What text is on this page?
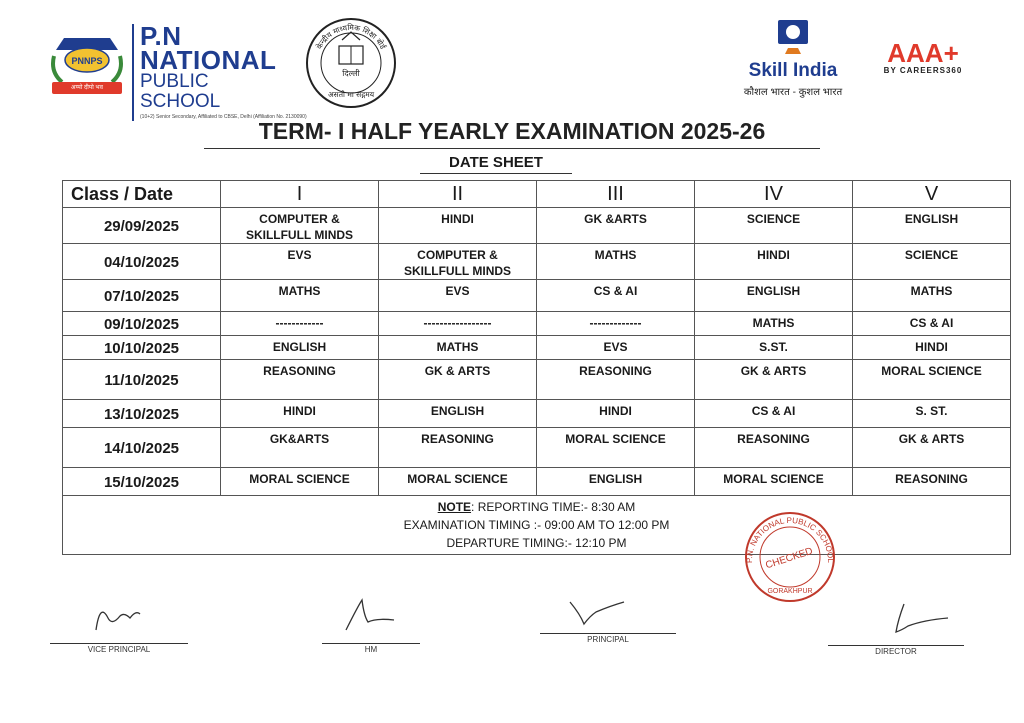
PNNPS
अप्पो दीपो भव
P.N
NATIONAL
PUBLIC SCHOOL
(10+2) Senior Secondary, Affiliated to CBSE, Delhi (Affiliation No. 2130090)
केन्द्रीय माध्यमिक शिक्षा बोर्ड
दिल्ली
असतो मा सद्गमय
Skill India
कौशल भारत - कुशल भारत
AAA+
BY CAREERS360
TERM- I HALF YEARLY EXAMINATION 2025-26
DATE SHEET
Class / Date	I	II	III	IV	V
29/09/2025	COMPUTER & SKILLFULL MINDS	HINDI	GK &ARTS	SCIENCE	ENGLISH
04/10/2025	EVS	COMPUTER & SKILLFULL MINDS	MATHS	HINDI	SCIENCE
07/10/2025	MATHS	EVS	CS & AI	ENGLISH	MATHS
09/10/2025	------------	-----------------	-------------	MATHS	CS & AI
10/10/2025	ENGLISH	MATHS	EVS	S.ST.	HINDI
11/10/2025	REASONING	GK & ARTS	REASONING	GK & ARTS	MORAL SCIENCE
13/10/2025	HINDI	ENGLISH	HINDI	CS & AI	S. ST.
14/10/2025	GK&ARTS	REASONING	MORAL SCIENCE	REASONING	GK & ARTS
15/10/2025	MORAL SCIENCE	MORAL SCIENCE	ENGLISH	MORAL SCIENCE	REASONING

NOTE: REPORTING TIME:- 8:30 AM
EXAMINATION TIMING :- 09:00 AM TO 12:00 PM
DEPARTURE TIMING:- 12:10 PM					
P.N. NATIONAL PUBLIC SCHOOL
CHECKED
GORAKHPUR
VICE PRINCIPAL	HM
PRINCIPAL
DIRECTOR
